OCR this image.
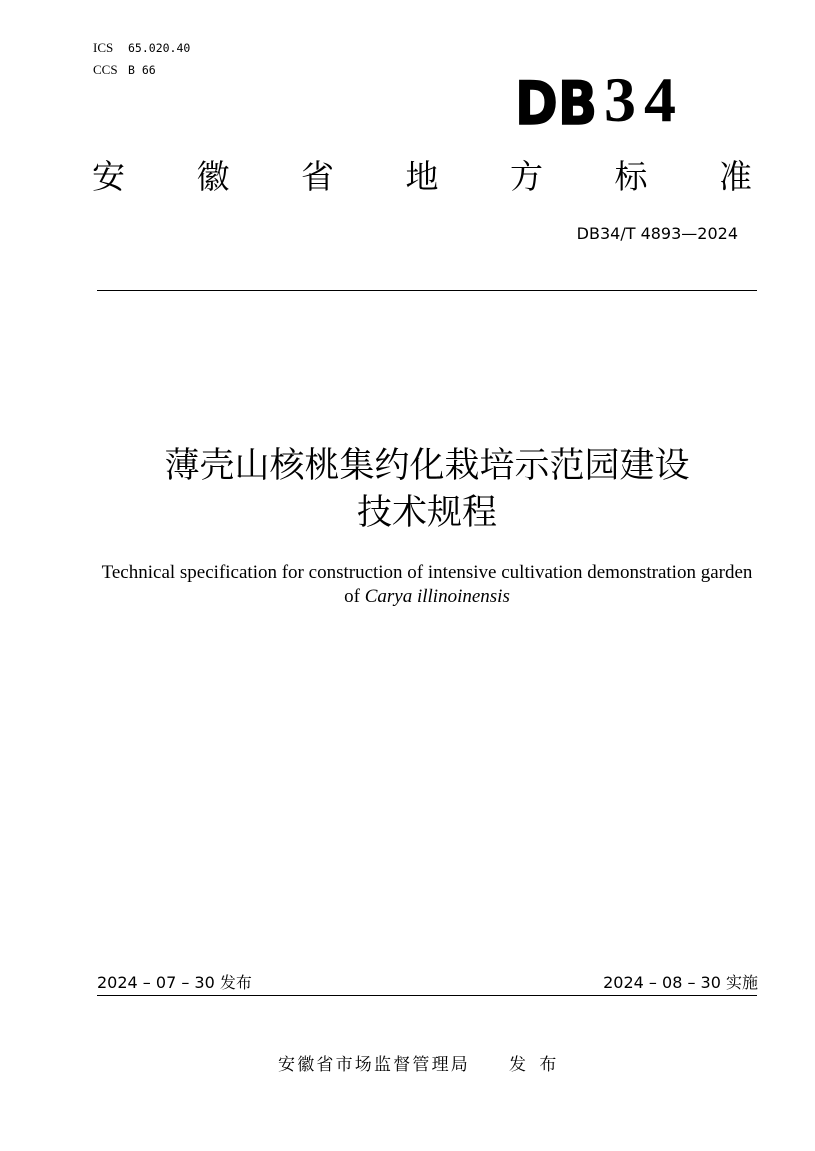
ICS 65.020.40
CCS B 66	DB 34
安 徽 省 地 方 标 准
DB34/T 4893—2024
薄壳山核桃集约化栽培示范园建设
技术规程
Technical specification for construction of intensive cultivation demonstration garden
of Carya illinoinensis
2024 – 07 – 30 发布	2024 – 08 – 30 实施
安徽省市场监督管理局 发 布
